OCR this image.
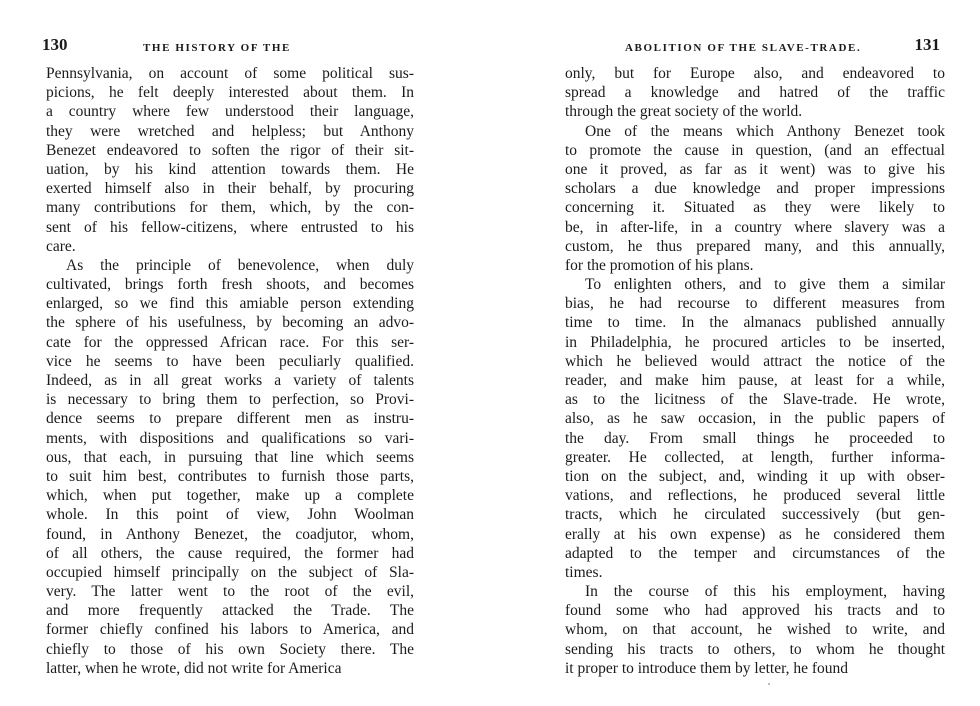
130	THE HISTORY OF THE
Pennsylvania, on account of some political sus-
picions, he felt deeply interested about them. In
a country where few understood their language,
they were wretched and helpless; but Anthony
Benezet endeavored to soften the rigor of their sit-
uation, by his kind attention towards them. He
exerted himself also in their behalf, by procuring
many contributions for them, which, by the con-
sent of his fellow-citizens, where entrusted to his
care.
As the principle of benevolence, when duly
cultivated, brings forth fresh shoots, and becomes
enlarged, so we find this amiable person extending
the sphere of his usefulness, by becoming an advo-
cate for the oppressed African race. For this ser-
vice he seems to have been peculiarly qualified.
Indeed, as in all great works a variety of talents
is necessary to bring them to perfection, so Provi-
dence seems to prepare different men as instru-
ments, with dispositions and qualifications so vari-
ous, that each, in pursuing that line which seems
to suit him best, contributes to furnish those parts,
which, when put together, make up a complete
whole. In this point of view, John Woolman
found, in Anthony Benezet, the coadjutor, whom,
of all others, the cause required, the former had
occupied himself principally on the subject of Sla-
very. The latter went to the root of the evil,
and more frequently attacked the Trade. The
former chiefly confined his labors to America, and
chiefly to those of his own Society there. The
latter, when he wrote, did not write for America
ABOLITION OF THE SLAVE-TRADE.	131
only, but for Europe also, and endeavored to
spread a knowledge and hatred of the traffic
through the great society of the world.
One of the means which Anthony Benezet took
to promote the cause in question, (and an effectual
one it proved, as far as it went) was to give his
scholars a due knowledge and proper impressions
concerning it. Situated as they were likely to
be, in after-life, in a country where slavery was a
custom, he thus prepared many, and this annually,
for the promotion of his plans.
To enlighten others, and to give them a similar
bias, he had recourse to different measures from
time to time. In the almanacs published annually
in Philadelphia, he procured articles to be inserted,
which he believed would attract the notice of the
reader, and make him pause, at least for a while,
as to the licitness of the Slave-trade. He wrote,
also, as he saw occasion, in the public papers of
the day. From small things he proceeded to
greater. He collected, at length, further informa-
tion on the subject, and, winding it up with obser-
vations, and reflections, he produced several little
tracts, which he circulated successively (but gen-
erally at his own expense) as he considered them
adapted to the temper and circumstances of the
times.
In the course of this his employment, having
found some who had approved his tracts and to
whom, on that account, he wished to write, and
sending his tracts to others, to whom he thought
it proper to introduce them by letter, he found
